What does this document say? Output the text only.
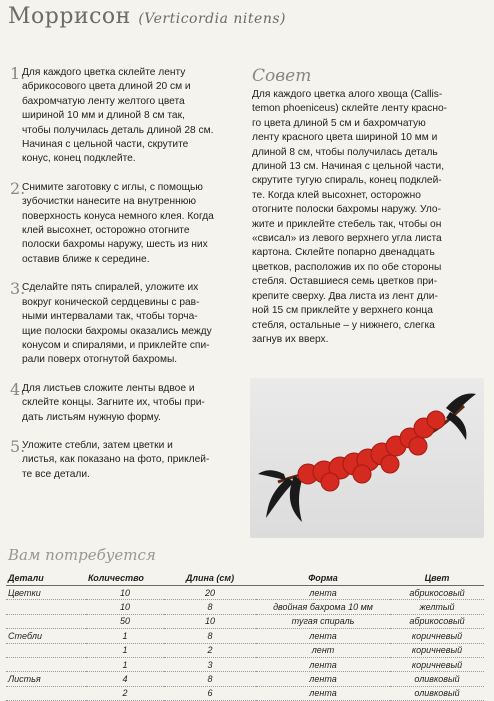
Моррисон (Verticordia nitens)
1.
Для каждого цветка склейте ленту
абрикосового цвета длиной 20 см и
бахромчатую ленту желтого цвета
шириной 10 мм и длиной 8 см так,
чтобы получилась деталь длиной 28 см.
Начиная с цельной части, скрутите
конус, конец подклейте.
2.
Снимите заготовку с иглы, с помощью
зубочистки нанесите на внутреннюю
поверхность конуса немного клея. Когда
клей высохнет, осторожно отогните
полоски бахромы наружу, шесть из них
оставив ближе к середине.
3.
Сделайте пять спиралей, уложите их
вокруг конической сердцевины с рав-
ными интервалами так, чтобы торча-
щие полоски бахромы оказались между
конусом и спиралями, и приклейте спи-
рали поверх отогнутой бахромы.
4.
Для листьев сложите ленты вдвое и
склейте концы. Загните их, чтобы при-
дать листьям нужную форму.
5.
Уложите стебли, затем цветки и
листья, как показано на фото, приклей-
те все детали.
Совет
Для каждого цветка алого хвоща (Callis-
temon phoeniceus) склейте ленту красно-
го цвета длиной 5 см и бахромчатую
ленту красного цвета шириной 10 мм и
длиной 8 см, чтобы получилась деталь
длиной 13 см. Начиная с цельной части,
скрутите тугую спираль, конец подклей-
те. Когда клей высохнет, осторожно
отогните полоски бахромы наружу. Уло-
жите и приклейте стебель так, чтобы он
«свисал» из левого верхнего угла листа
картона. Склейте попарно двенадцать
цветков, расположив их по обе стороны
стебля. Оставшиеся семь цветков при-
крепите сверху. Два листа из лент дли-
ной 15 см приклейте у верхнего конца
стебля, остальные – у нижнего, слегка
загнув их вверх.
Вам потребуется
Детали	Количество	Длина (см)	Форма	Цвет
Цветки	10	20	лента	абрикосовый
	10	8	двойная бахрома 10 мм	желтый
	50	10	тугая спираль	абрикосовый
Стебли	1	8	лента	коричневый
	1	2	лент	коричневый
	1	3	лента	коричневый
Листья	4	8	лента	оливковый
	2	6	лента	оливковый
